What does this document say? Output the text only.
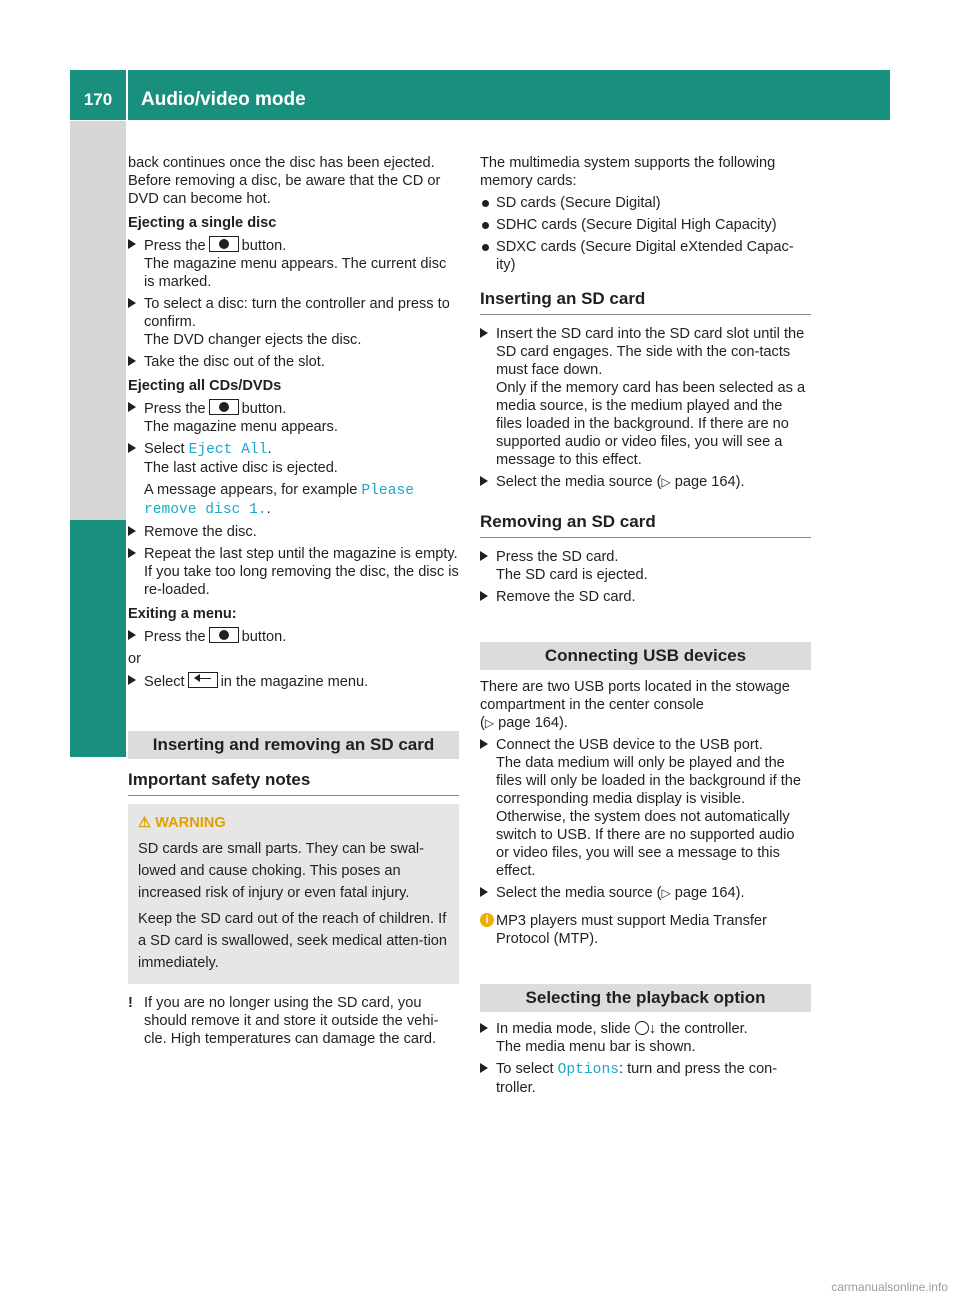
170	Audio/video mode

back continues once the disc has been ejected. Before removing a disc, be aware that the CD or DVD can become hot.

Ejecting a single disc

Press the button.
The magazine menu appears. The current disc is marked.
To select a disc: turn the controller and press to confirm.
The DVD changer ejects the disc.
Take the disc out of the slot.

Ejecting all CDs/DVDs

Press the button.
The magazine menu appears.
Select Eject All.
The last active disc is ejected.

A message appears, for example Please
remove disc 1..

Remove the disc.
Repeat the last step until the magazine is empty.
If you take too long removing the disc, the disc is re-loaded.

Exiting a menu:

Press the button.

or

Select in the magazine menu.
Inserting and removing an SD card

Important safety notes

⚠ WARNING

SD cards are small parts. They can be swal-lowed and cause choking. This poses an increased risk of injury or even fatal injury.

Keep the SD card out of the reach of children. If a SD card is swallowed, seek medical atten-tion immediately.

! If you are no longer using the SD card, you should remove it and store it outside the vehi-cle. High temperatures can damage the card.

The multimedia system supports the following memory cards:

SD cards (Secure Digital)
SDHC cards (Secure Digital High Capacity)
SDXC cards (Secure Digital eXtended Capac-ity)

Inserting an SD card

Insert the SD card into the SD card slot until the SD card engages. The side with the con-tacts must face down.
Only if the memory card has been selected as a media source, is the medium played and the files loaded in the background. If there are no supported audio or video files, you will see a message to this effect.
Select the media source (▷ page 164).

Removing an SD card

Press the SD card.
The SD card is ejected.
Remove the SD card.
Connecting USB devices

There are two USB ports located in the stowage compartment in the center console
(▷ page 164).

Connect the USB device to the USB port.
The data medium will only be played and the files will only be loaded in the background if the corresponding media display is visible. Otherwise, the system does not automatically switch to USB. If there are no supported audio or video files, you will see a message to this effect.
Select the media source (▷ page 164).
i MP3 players must support Media Transfer Protocol (MTP).
Selecting the playback option
In media mode, slide ↓ the controller.
The media menu bar is shown.
To select Options: turn and press the con-troller.
carmanualsonline.info
